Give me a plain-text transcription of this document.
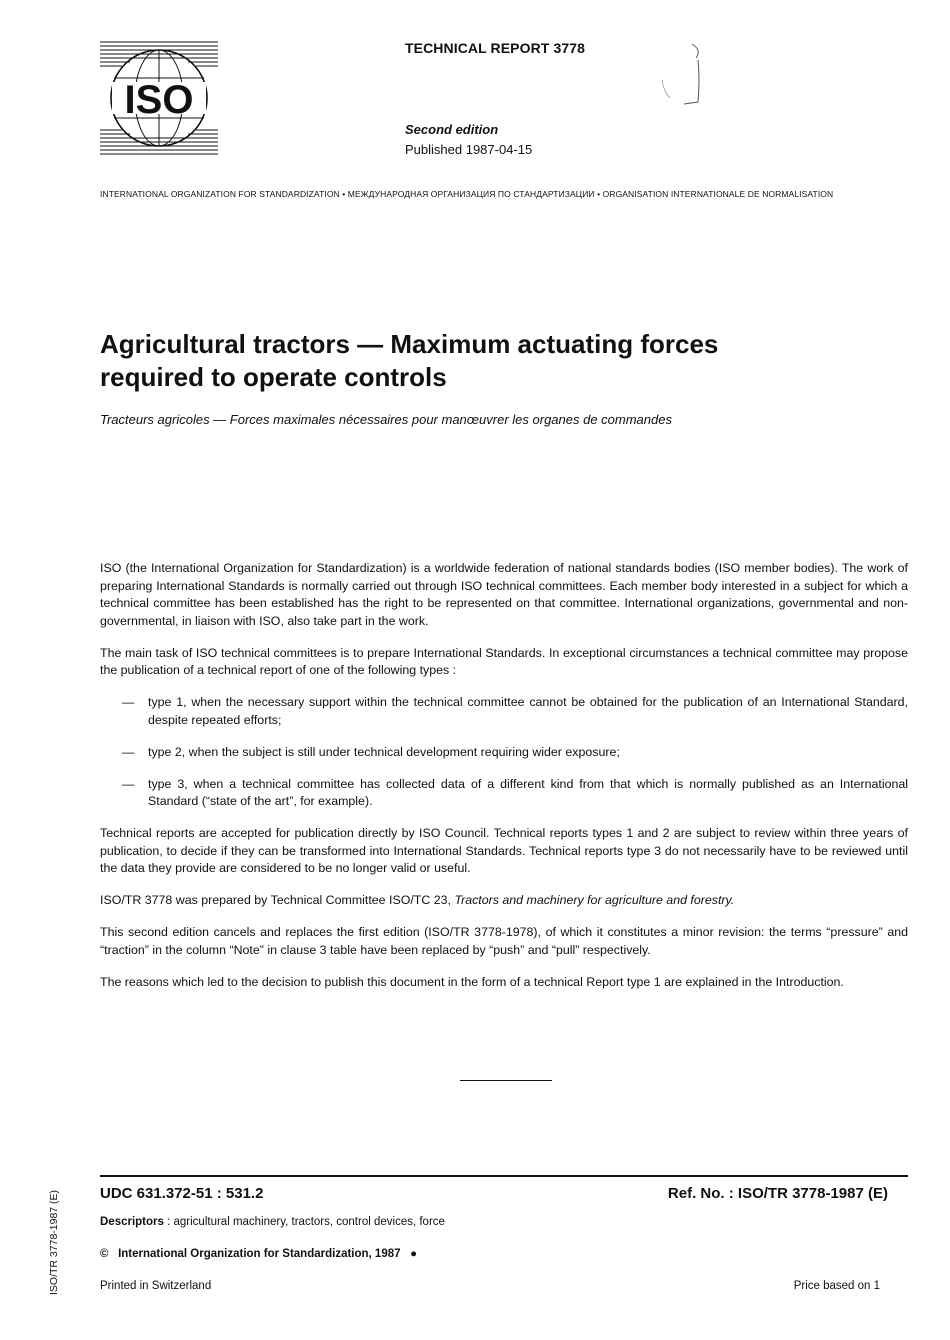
ISO
TECHNICAL REPORT 3778
Second edition
Published 1987-04-15
INTERNATIONAL ORGANIZATION FOR STANDARDIZATION • МЕЖДУНАРОДНАЯ ОРГАНИЗАЦИЯ ПО СТАНДАРТИЗАЦИИ • ORGANISATION INTERNATIONALE DE NORMALISATION
Agricultural tractors — Maximum actuating forces
required to operate controls
Tracteurs agricoles — Forces maximales nécessaires pour manœuvrer les organes de commandes

ISO (the International Organization for Standardization) is a worldwide federation of national standards bodies (ISO member bodies). The work of preparing International Standards is normally carried out through ISO technical committees. Each member body interested in a subject for which a technical committee has been established has the right to be represented on that committee. International organizations, governmental and non-governmental, in liaison with ISO, also take part in the work.

The main task of ISO technical committees is to prepare International Standards. In exceptional circumstances a technical committee may propose the publication of a technical report of one of the following types :

—	type 1, when the necessary support within the technical committee cannot be obtained for the publication of an International Standard, despite repeated efforts;
—	type 2, when the subject is still under technical development requiring wider exposure;
—	type 3, when a technical committee has collected data of a different kind from that which is normally published as an International Standard (“state of the art”, for example).

Technical reports are accepted for publication directly by ISO Council. Technical reports types 1 and 2 are subject to review within three years of publication, to decide if they can be transformed into International Standards. Technical reports type 3 do not necessarily have to be reviewed until the data they provide are considered to be no longer valid or useful.

ISO/TR 3778 was prepared by Technical Committee ISO/TC 23, Tractors and machinery for agriculture and forestry.

This second edition cancels and replaces the first edition (ISO/TR 3778-1978), of which it constitutes a minor revision: the terms “pressure” and “traction” in the column “Note” in clause 3 table have been replaced by “push” and “pull” respectively.

The reasons which led to the decision to publish this document in the form of a technical Report type 1 are explained in the Introduction.

UDC 631.372-51 : 531.2	Ref. No. : ISO/TR 3778-1987 (E)
Descriptors : agricultural machinery, tractors, control devices, force
© International Organization for Standardization, 1987 ●
Printed in Switzerland	Price based on 1
ISO/TR 3778-1987 (E)
